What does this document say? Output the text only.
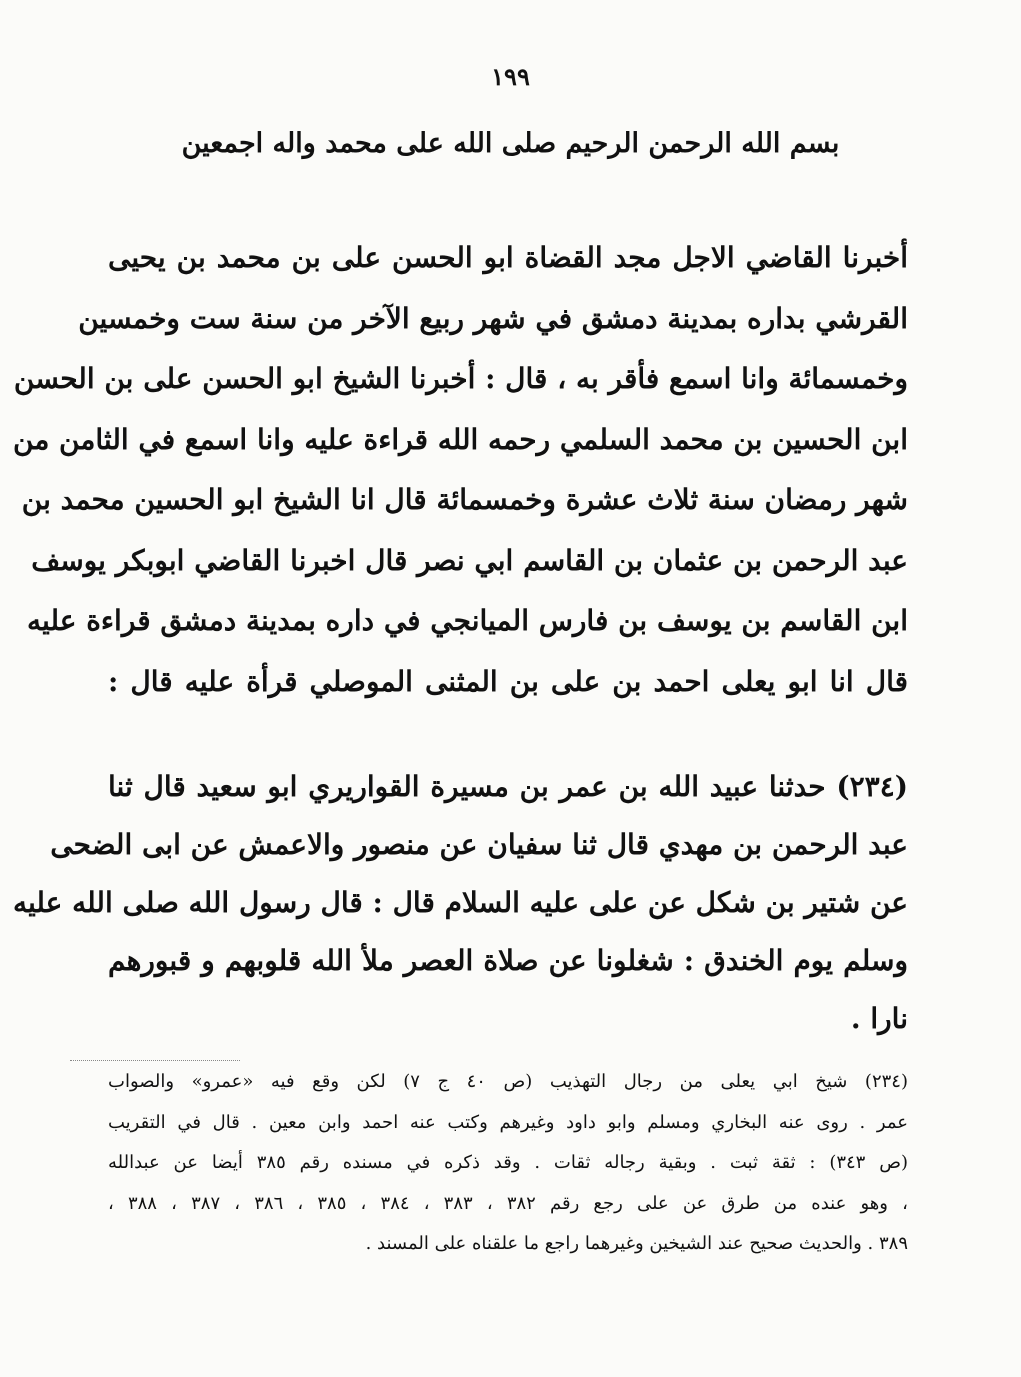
١٩٩
بسم الله الرحمن الرحيم صلى الله على محمد واله اجمعين
أخبرنا القاضي الاجل مجد القضاة ابو الحسن على بن محمد بن يحيى
القرشي بداره بمدينة دمشق في شهر ربيع الآخر من سنة ست وخمسين
وخمسمائة وانا اسمع فأقر به ، قال : أخبرنا الشيخ ابو الحسن على بن الحسن
ابن الحسين بن محمد السلمي رحمه الله قراءة عليه وانا اسمع في الثامن من
شهر رمضان سنة ثلاث عشرة وخمسمائة قال انا الشيخ ابو الحسين محمد بن
عبد الرحمن بن عثمان بن القاسم ابي نصر قال اخبرنا القاضي ابوبكر يوسف
ابن القاسم بن يوسف بن فارس الميانجي في داره بمدينة دمشق قراءة عليه
قال انا ابو يعلى احمد بن على بن المثنى الموصلي قرأة عليه قال :
(٢٣٤) حدثنا عبيد الله بن عمر بن مسيرة القواريري ابو سعيد قال ثنا
عبد الرحمن بن مهدي قال ثنا سفيان عن منصور والاعمش عن ابى الضحى
عن شتير بن شكل عن على عليه السلام قال : قال رسول الله صلى الله عليه
وسلم يوم الخندق : شغلونا عن صلاة العصر ملأ الله قلوبهم و قبورهم
نارا .
(٢٣٤) شيخ ابي يعلى من رجال التهذيب (ص ٤٠ ج ٧) لكن وقع فيه «عمرو» والصواب
عمر . روى عنه البخاري ومسلم وابو داود وغيرهم وكتب عنه احمد وابن معين . قال في التقريب
(ص ٣٤٣) : ثقة ثبت . وبقية رجاله ثقات . وقد ذكره في مسنده رقم ٣٨٥ أيضا عن عبدالله
، وهو عنده من طرق عن على رجع رقم ٣٨٢ ، ٣٨٣ ، ٣٨٤ ، ٣٨٥ ، ٣٨٦ ، ٣٨٧ ، ٣٨٨ ،
٣٨٩ . والحديث صحيح عند الشيخين وغيرهما راجع ما علقناه على المسند .
